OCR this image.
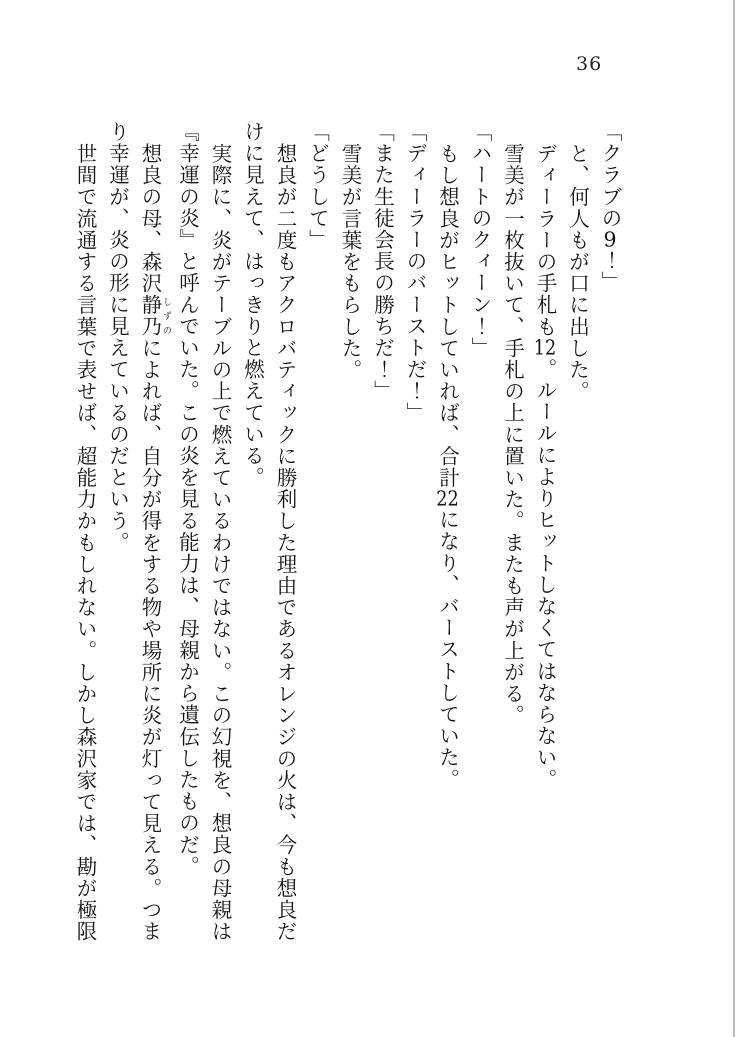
36

「クラブの9！」

と、何人もが口に出した。

ディーラーの手札も12。ルールによりヒットしなくてはならない。

雪美が一枚抜いて、手札の上に置いた。またも声が上がる。

「ハートのクィーン！」

もし想良がヒットしていれば、合計22になり、バーストしていた。

「ディーラーのバーストだ！」

「また生徒会長の勝ちだ！」

雪美が言葉をもらした。

「どうして」

想良が二度もアクロバティックに勝利した理由であるオレンジの火は、今も想良だ

けに見えて、はっきりと燃えている。

実際に、炎がテーブルの上で燃えているわけではない。この幻視を、想良の母親は

『幸運の炎』と呼んでいた。この炎を見る能力は、母親から遺伝したものだ。

想良の母、森沢静乃 しずのによれば、自分が得をする物や場所に炎が灯って見える。つま

り幸運が、炎の形に見えているのだという。

世間で流通する言葉で表せば、超能力かもしれない。しかし森沢家では、勘が極限
